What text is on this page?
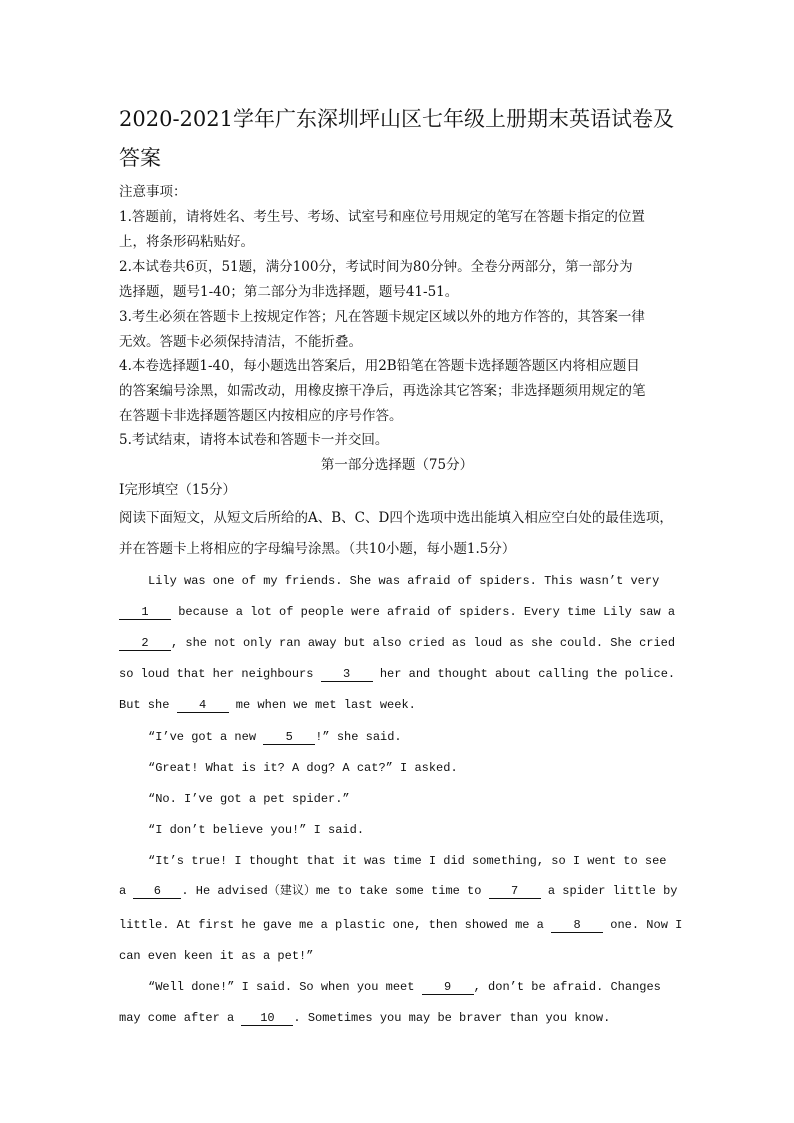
2020-2021学年广东深圳坪山区七年级上册期末英语试卷及
答案
注意事项：
1.答题前，请将姓名、考生号、考场、试室号和座位号用规定的笔写在答题卡指定的位置
上，将条形码粘贴好。
2.本试卷共6页，51题，满分100分，考试时间为80分钟。全卷分两部分，第一部分为
选择题，题号1-40；第二部分为非选择题，题号41-51。
3.考生必须在答题卡上按规定作答；凡在答题卡规定区域以外的地方作答的，其答案一律
无效。答题卡必须保持清洁，不能折叠。
4.本卷选择题1-40，每小题选出答案后，用2B铅笔在答题卡选择题答题区内将相应题目
的答案编号涂黑，如需改动，用橡皮擦干净后，再选涂其它答案；非选择题须用规定的笔
在答题卡非选择题答题区内按相应的序号作答。
5.考试结束，请将本试卷和答题卡一并交回。
第一部分选择题（75分）
I完形填空（15分）
阅读下面短文，从短文后所给的A、B、C、D四个选项中选出能填入相应空白处的最佳选项，
并在答题卡上将相应的字母编号涂黑。（共10小题，每小题1.5分）
Lily was one of my friends. She was afraid of spiders. This wasn’t very
1 because a lot of people were afraid of spiders. Every time Lily saw a
2 , she not only ran away but also cried as loud as she could. She cried
so loud that her neighbours 3 her and thought about calling the police.
But she 4 me when we met last week.
“I’ve got a new 5 !” she said.
“Great! What is it? A dog? A cat?” I asked.
“No. I’ve got a pet spider.”
“I don’t believe you!” I said.
“It’s true! I thought that it was time I did something, so I went to see
a 6 . He advised（建议）me to take some time to 7 a spider little by
little. At first he gave me a plastic one, then showed me a 8 one. Now I
can even keen it as a pet!”
“Well done!” I said. So when you meet 9 , don’t be afraid. Changes
may come after a 10 . Sometimes you may be braver than you know.
